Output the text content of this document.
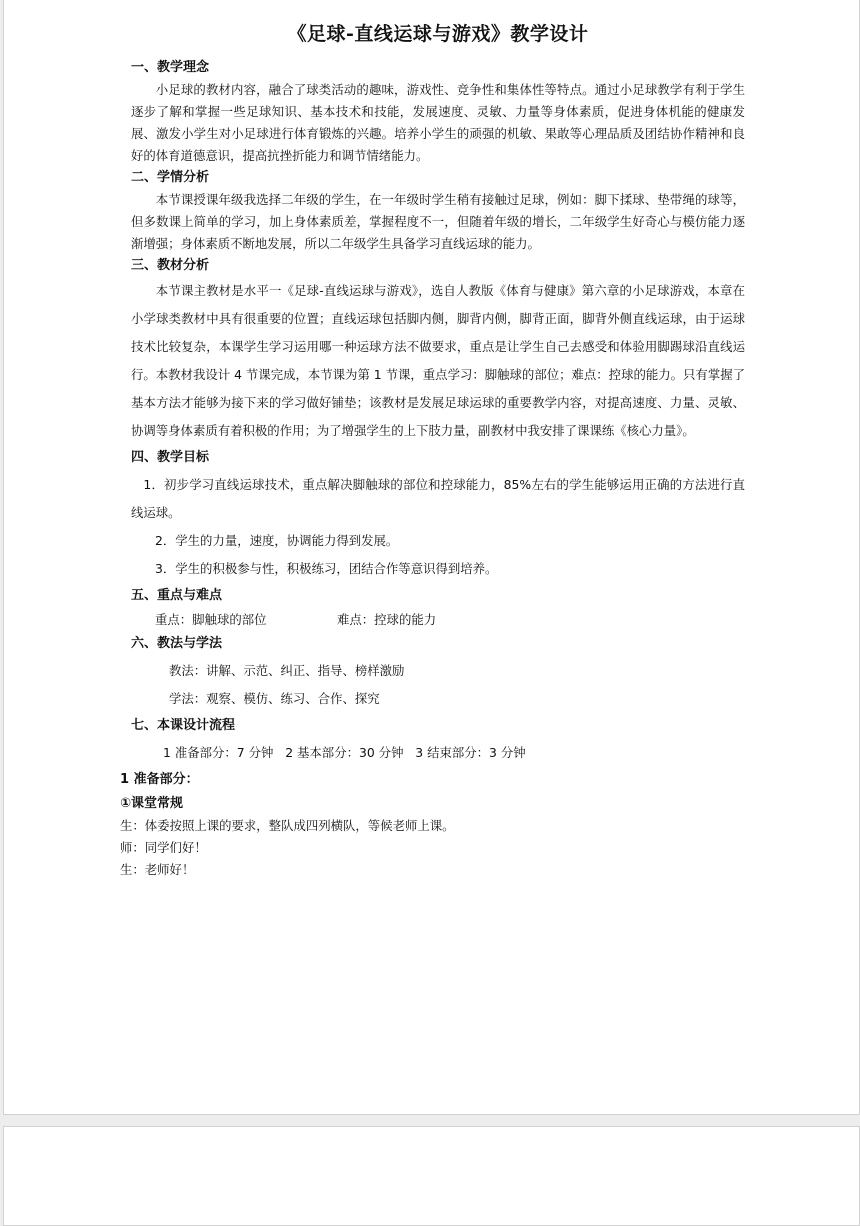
《足球-直线运球与游戏》教学设计
一、教学理念

小足球的教材内容，融合了球类活动的趣味，游戏性、竞争性和集体性等特点。通过小足球教学有利于学生逐步了解和掌握一些足球知识、基本技术和技能，发展速度、灵敏、力量等身体素质，促进身体机能的健康发展、激发小学生对小足球进行体育锻炼的兴趣。培养小学生的顽强的机敏、果敢等心理品质及团结协作精神和良好的体育道德意识，提高抗挫折能力和调节情绪能力。

二、学情分析

本节课授课年级我选择二年级的学生，在一年级时学生稍有接触过足球，例如：脚下揉球、垫带绳的球等，但多数课上简单的学习，加上身体素质差，掌握程度不一，但随着年级的增长，二年级学生好奇心与模仿能力逐渐增强；身体素质不断地发展，所以二年级学生具备学习直线运球的能力。

三、教材分析

本节课主教材是水平一《足球-直线运球与游戏》，选自人教版《体育与健康》第六章的小足球游戏，本章在小学球类教材中具有很重要的位置；直线运球包括脚内侧，脚背内侧，脚背正面，脚背外侧直线运球，由于运球技术比较复杂，本课学生学习运用哪一种运球方法不做要求，重点是让学生自己去感受和体验用脚踢球沿直线运行。本教材我设计 4 节课完成，本节课为第 1 节课，重点学习：脚触球的部位；难点：控球的能力。只有掌握了基本方法才能够为接下来的学习做好铺垫；该教材是发展足球运球的重要教学内容，对提高速度、力量、灵敏、协调等身体素质有着积极的作用；为了增强学生的上下肢力量，副教材中我安排了课课练《核心力量》。

四、教学目标

1．初步学习直线运球技术，重点解决脚触球的部位和控球能力，85%左右的学生能够运用正确的方法进行直线运球。

2．学生的力量，速度，协调能力得到发展。

3．学生的积极参与性，积极练习，团结合作等意识得到培养。

五、重点与难点
重点：脚触球的部位	难点：控球的能力
六、教法与学法

教法：讲解、示范、纠正、指导、榜样激励

学法：观察、模仿、练习、合作、探究

七、本课设计流程

1 准备部分：7 分钟   2 基本部分：30 分钟   3 结束部分：3 分钟

1 准备部分：
①课堂常规

生：体委按照上课的要求，整队成四列横队，等候老师上课。

师：同学们好！

生：老师好！
